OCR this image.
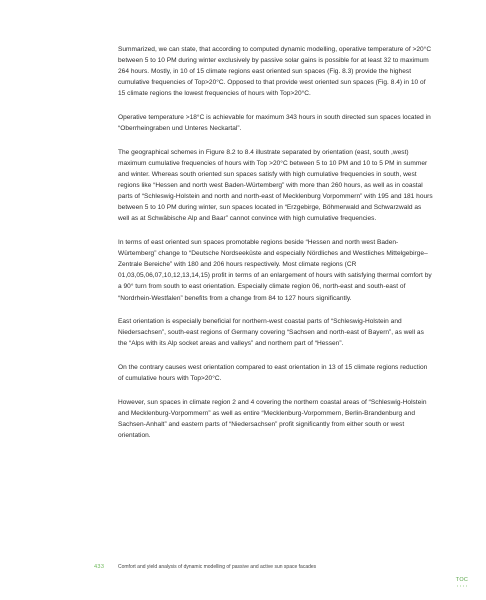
Summarized, we can state, that according to computed dynamic modelling, operative temperature of >20°C between 5 to 10 PM during winter exclusively by passive solar gains is possible for at least 32 to maximum 264 hours. Mostly, in 10 of 15 climate regions east oriented sun spaces (Fig. 8.3) provide the highest cumulative frequencies of Top>20°C. Opposed to that provide west oriented sun spaces (Fig. 8.4) in 10 of 15 climate regions the lowest frequencies of hours with Top>20°C.

Operative temperature >18°C is achievable for maximum 343 hours in south directed sun spaces located in “Oberrheingraben und Unteres Neckartal”.

The geographical schemes in Figure 8.2 to 8.4 illustrate separated by orientation (east, south ,west) maximum cumulative frequencies of hours with Top >20°C between 5 to 10 PM and 10 to 5 PM in summer and winter. Whereas south oriented sun spaces satisfy with high cumulative frequencies in south, west regions like “Hessen and north west Baden-Würtemberg” with more than 260 hours, as well as in coastal parts of “Schleswig-Holstein and north and north-east of Mecklenburg Vorpommern” with 195 and 181 hours between 5 to 10 PM during winter, sun spaces located in “Erzgebirge, Böhmerwald and Schwarzwald as well as at Schwäbische Alp and Baar” cannot convince with high cumulative frequencies.

In terms of east oriented sun spaces promotable regions beside “Hessen and north west Baden-Würtemberg” change to “Deutsche Nordseeküste and especially Nördliches and Westliches Mittelgebirge–Zentrale Bereiche” with 180 and 206 hours respectively. Most climate regions (CR 01,03,05,06,07,10,12,13,14,15) profit in terms of an enlargement of hours with satisfying thermal comfort by a 90° turn from south to east orientation. Especially climate region 06, north-east and south-east of “Nordrhein-Westfalen” benefits from a change from 84 to 127 hours significantly.

East orientation is especially beneficial for northern-west coastal parts of “Schleswig-Holstein and Niedersachsen”, south-east regions of Germany covering “Sachsen and north-east of Bayern”, as well as the “Alps with its Alp socket areas and valleys” and northern part of “Hessen”.

On the contrary causes west orientation compared to east orientation in 13 of 15 climate regions reduction of cumulative hours with Top>20°C.

However, sun spaces in climate region 2 and 4 covering the northern coastal areas of “Schleswig-Holstein and Mecklenburg-Vorpommern” as well as entire “Mecklenburg-Vorpommern, Berlin-Brandenburg and Sachsen-Anhalt” and eastern parts of “Niedersachsen” profit significantly from either south or west orientation.

433	Comfort and yield analysis of dynamic modelling of passive and active sun space facades
TOC
